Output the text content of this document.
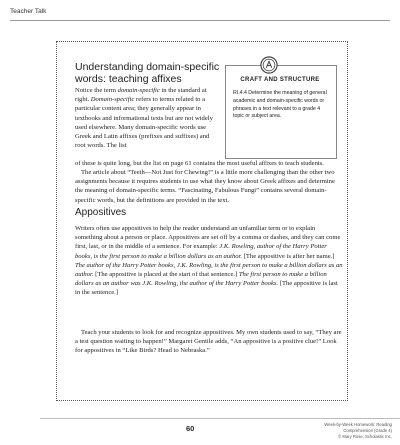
Teacher Talk
Understanding domain-specific words: teaching affixes
Notice the term domain-specific in the standard at right. Domain-specific refers to terms related to a particular content area; they generally appear in textbooks and informational texts but are not widely used elsewhere. Many domain-specific words use Greek and Latin affixes (prefixes and suffixes) and root words. The list
of these is quite long, but the list on page 61 contains the most useful affixes to teach students.
The article about “Teeth—Not Just for Chewing!” is a little more challenging than the other two assignments because it requires students to use what they know about Greek affixes and determine the meaning of domain-specific terms. “Fascinating, Fabulous Fungi” contains several domain-specific words, but the definitions are provided in the text.
CRAFT AND STRUCTURE
RI.4.4 Determine the meaning of general academic and domain-specific words or phrases in a text relevant to a grade 4 topic or subject area.
Appositives
Writers often use appositives to help the reader understand an unfamiliar term or to explain something about a person or place. Appositives are set off by a comma or dashes, and they can come first, last, or in the middle of a sentence. For example: J.K. Rowling, author of the Harry Potter books, is the first person to make a billion dollars as an author. [The appositive is after her name.] The author of the Harry Potter books, J.K. Rowling, is the first person to make a billion dollars as an author. [The appositive is placed at the start of that sentence.] The first person to make a billion dollars as an author was J.K. Rowling, the author of the Harry Potter books. [The appositive is last in the sentence.]
Teach your students to look for and recognize appositives. My own students used to say, “They are a test question waiting to happen!” Margaret Gentile adds, “An appositive is a positive clue!” Look for appositives in “Like Birds? Head to Nebraska.”
60	Week-by-Week Homework: Reading Comprehension (Grade 4)
© Mary Rose, Scholastic Inc.
